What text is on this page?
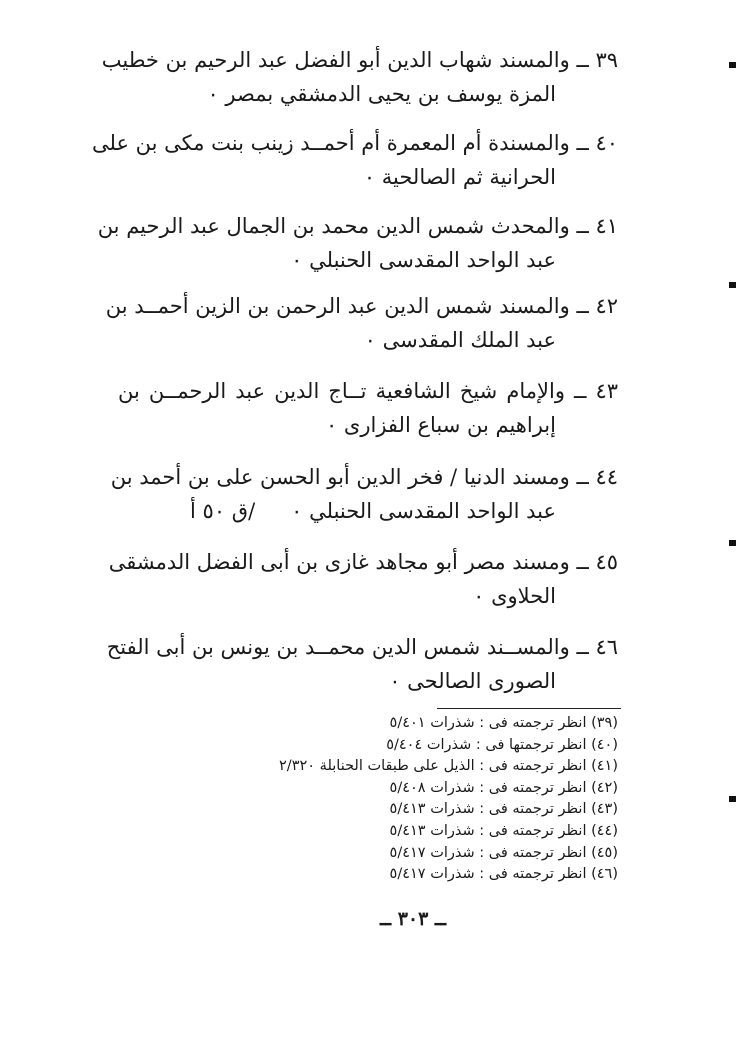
٣٩ ــ والمسند شهاب الدين أبو الفضل عبد الرحيم بن خطيب
المزة يوسف بن يحيى الدمشقي بمصر ٠
٤٠ ــ والمسندة أم المعمرة أم أحمــد زينب بنت مكى بن على
الحرانية ثم الصالحية ٠
٤١ ــ والمحدث شمس الدين محمد بن الجمال عبد الرحيم بن
عبد الواحد المقدسى الحنبلي ٠
٤٢ ــ والمسند شمس الدين عبد الرحمن بن الزين أحمــد بن
عبد الملك المقدسى ٠
٤٣ ــ والإمام شيخ الشافعية تــاج الدين عبد الرحمــن بن
إبراهيم بن سباع الفزارى ٠
٤٤ ــ ومسند الدنيا / فخر الدين أبو الحسن على بن أحمد بن
عبد الواحد المقدسى الحنبلي ٠
/ق ٥٠ أ
٤٥ ــ ومسند مصر أبو مجاهد غازى بن أبى الفضل الدمشقى
الحلاوى ٠
٤٦ ــ والمســند شمس الدين محمــد بن يونس بن أبى الفتح
الصورى الصالحى ٠
(٣٩) انظر ترجمته فى : شذرات ٥/٤٠١
(٤٠) انظر ترجمتها فى : شذرات ٥/٤٠٤
(٤١) انظر ترجمته فى : الذيل على طبقات الحنابلة ٢/٣٢٠
(٤٢) انظر ترجمته فى : شذرات ٥/٤٠٨
(٤٣) انظر ترجمته فى : شذرات ٥/٤١٣
(٤٤) انظر ترجمته فى : شذرات ٥/٤١٣
(٤٥) انظر ترجمته فى : شذرات ٥/٤١٧
(٤٦) انظر ترجمته فى : شذرات ٥/٤١٧
ــ ٣٠٣ ــ
